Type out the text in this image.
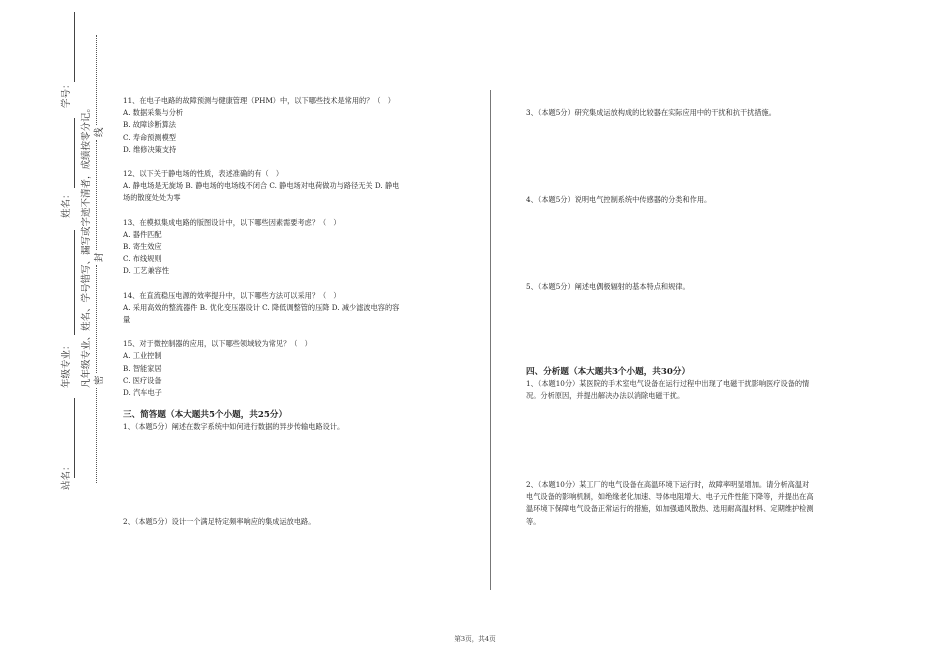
学号：
姓名：
年级专业：
站名：
凡年级专业、姓名、学号错写、漏写或字迹不清者，成绩按零分记。 线
封
密

11、在电子电路的故障预测与健康管理（PHM）中，以下哪些技术是常用的？（　）

A. 数据采集与分析

B. 故障诊断算法

C. 寿命预测模型

D. 维修决策支持

12、以下关于静电场的性质，表述准确的有（　）

A. 静电场是无旋场 B. 静电场的电场线不闭合 C. 静电场对电荷做功与路径无关 D. 静电

场的散度处处为零

13、在模拟集成电路的版图设计中，以下哪些因素需要考虑？（　）

A. 器件匹配

B. 寄生效应

C. 布线规则

D. 工艺兼容性

14、在直流稳压电源的效率提升中，以下哪些方法可以采用？（　）

A. 采用高效的整流器件 B. 优化变压器设计 C. 降低调整管的压降 D. 减少滤波电容的容

量

15、对于微控制器的应用，以下哪些领域较为常见？（　）

A. 工业控制

B. 智能家居

C. 医疗设备

D. 汽车电子

三、简答题（本大题共5个小题，共25分）

1、（本题5分）阐述在数字系统中如何进行数据的异步传输电路设计。

2、（本题5分）设计一个满足特定频率响应的集成运放电路。

3、（本题5分）研究集成运放构成的比较器在实际应用中的干扰和抗干扰措施。

4、（本题5分）说明电气控制系统中传感器的分类和作用。

5、（本题5分）阐述电偶极辐射的基本特点和规律。

四、分析题（本大题共3个小题，共30分）

1、（本题10分）某医院的手术室电气设备在运行过程中出现了电磁干扰影响医疗设备的情

况。分析原因，并提出解决办法以消除电磁干扰。

2、（本题10分）某工厂的电气设备在高温环境下运行时，故障率明显增加。请分析高温对

电气设备的影响机制，如绝缘老化加速、导体电阻增大、电子元件性能下降等，并提出在高

温环境下保障电气设备正常运行的措施，如加强通风散热、选用耐高温材料、定期维护检测

等。

第3页，共4页
